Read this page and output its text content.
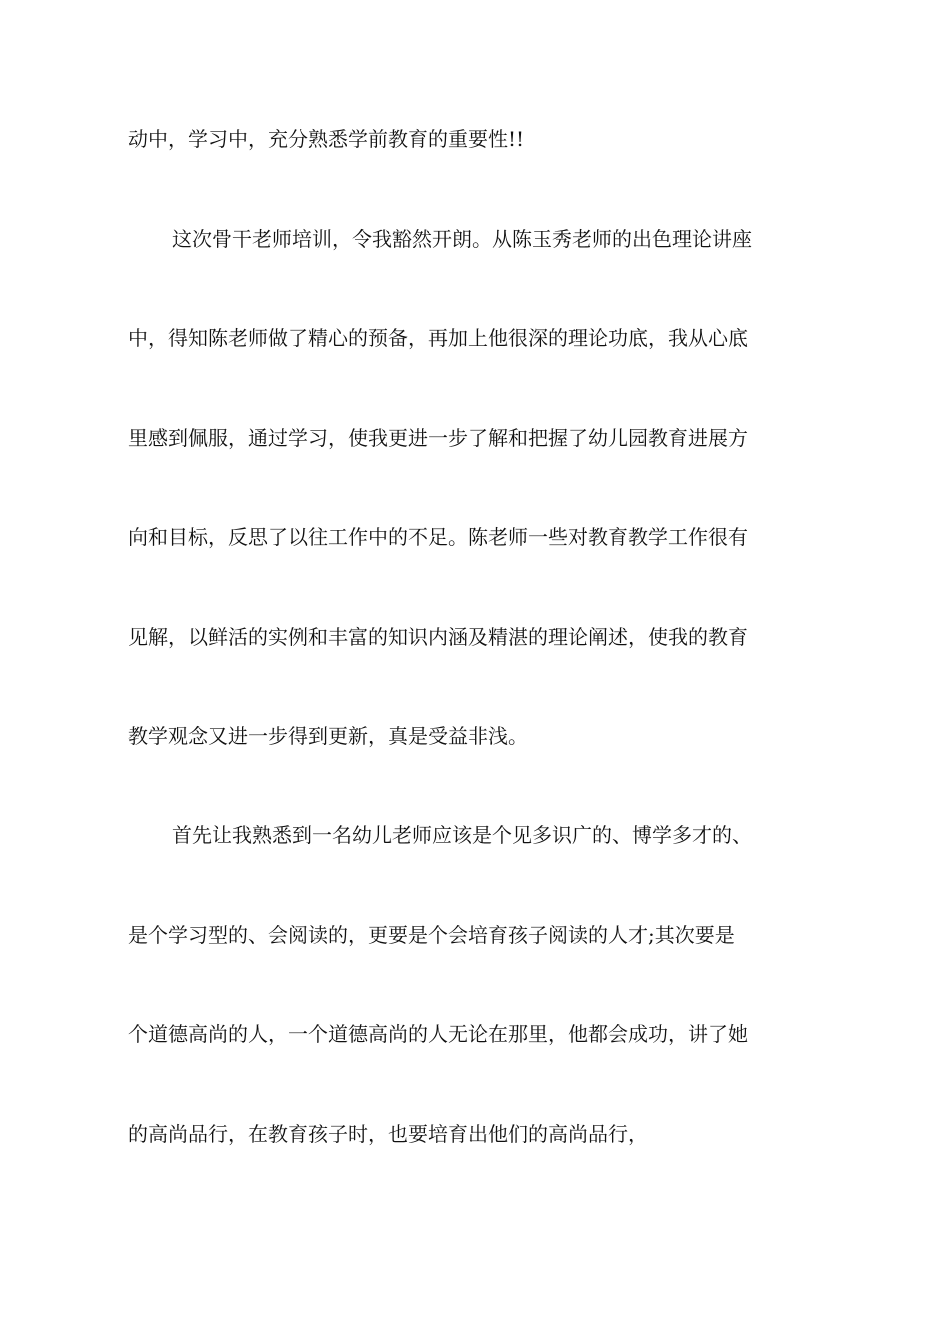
动中，学习中，充分熟悉学前教育的重要性!!
这次骨干老师培训，令我豁然开朗。从陈玉秀老师的出色理论讲座
中，得知陈老师做了精心的预备，再加上他很深的理论功底，我从心底
里感到佩服，通过学习，使我更进一步了解和把握了幼儿园教育进展方
向和目标，反思了以往工作中的不足。陈老师一些对教育教学工作很有
见解，以鲜活的实例和丰富的知识内涵及精湛的理论阐述，使我的教育
教学观念又进一步得到更新，真是受益非浅。
首先让我熟悉到一名幼儿老师应该是个见多识广的、博学多才的、
是个学习型的、会阅读的，更要是个会培育孩子阅读的人才;其次要是
个道德高尚的人，一个道德高尚的人无论在那里，他都会成功，讲了她
的高尚品行，在教育孩子时，也要培育出他们的高尚品行，
